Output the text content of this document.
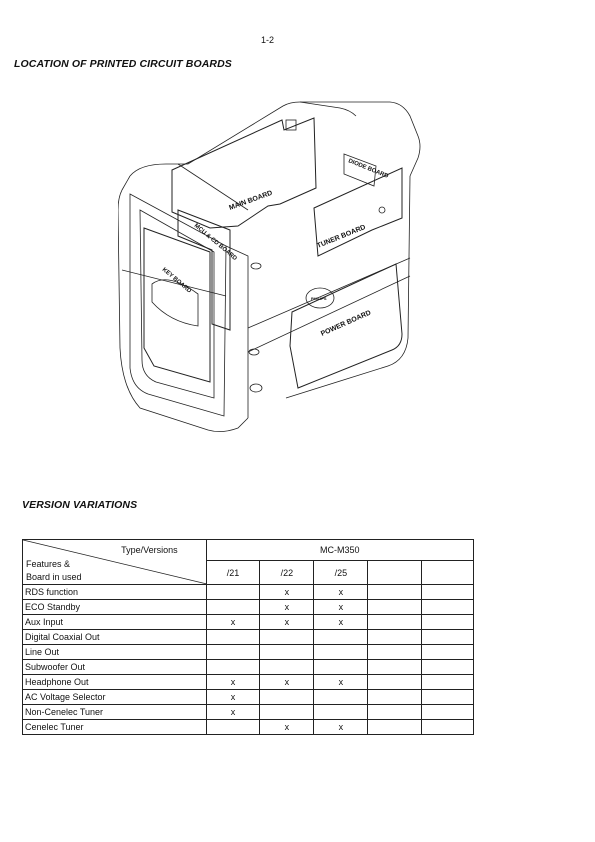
1-2
LOCATION OF PRINTED CIRCUIT BOARDS
MAIN BOARD
DIODE BOARD
MCU & CD BOARD
KEY BOARD
TUNER BOARD
POWER BOARD
PHILIPS
VERSION VARIATIONS
Type/Versions
Features &
Board in used	MC-M350				
	/21	/22	/25		
RDS function		x	x		
ECO Standby		x	x		
Aux Input	x	x	x		
Digital Coaxial Out					
Line Out					
Subwoofer Out					
Headphone Out	x	x	x		
AC Voltage Selector	x				
Non-Cenelec Tuner	x				
Cenelec Tuner		x	x		
